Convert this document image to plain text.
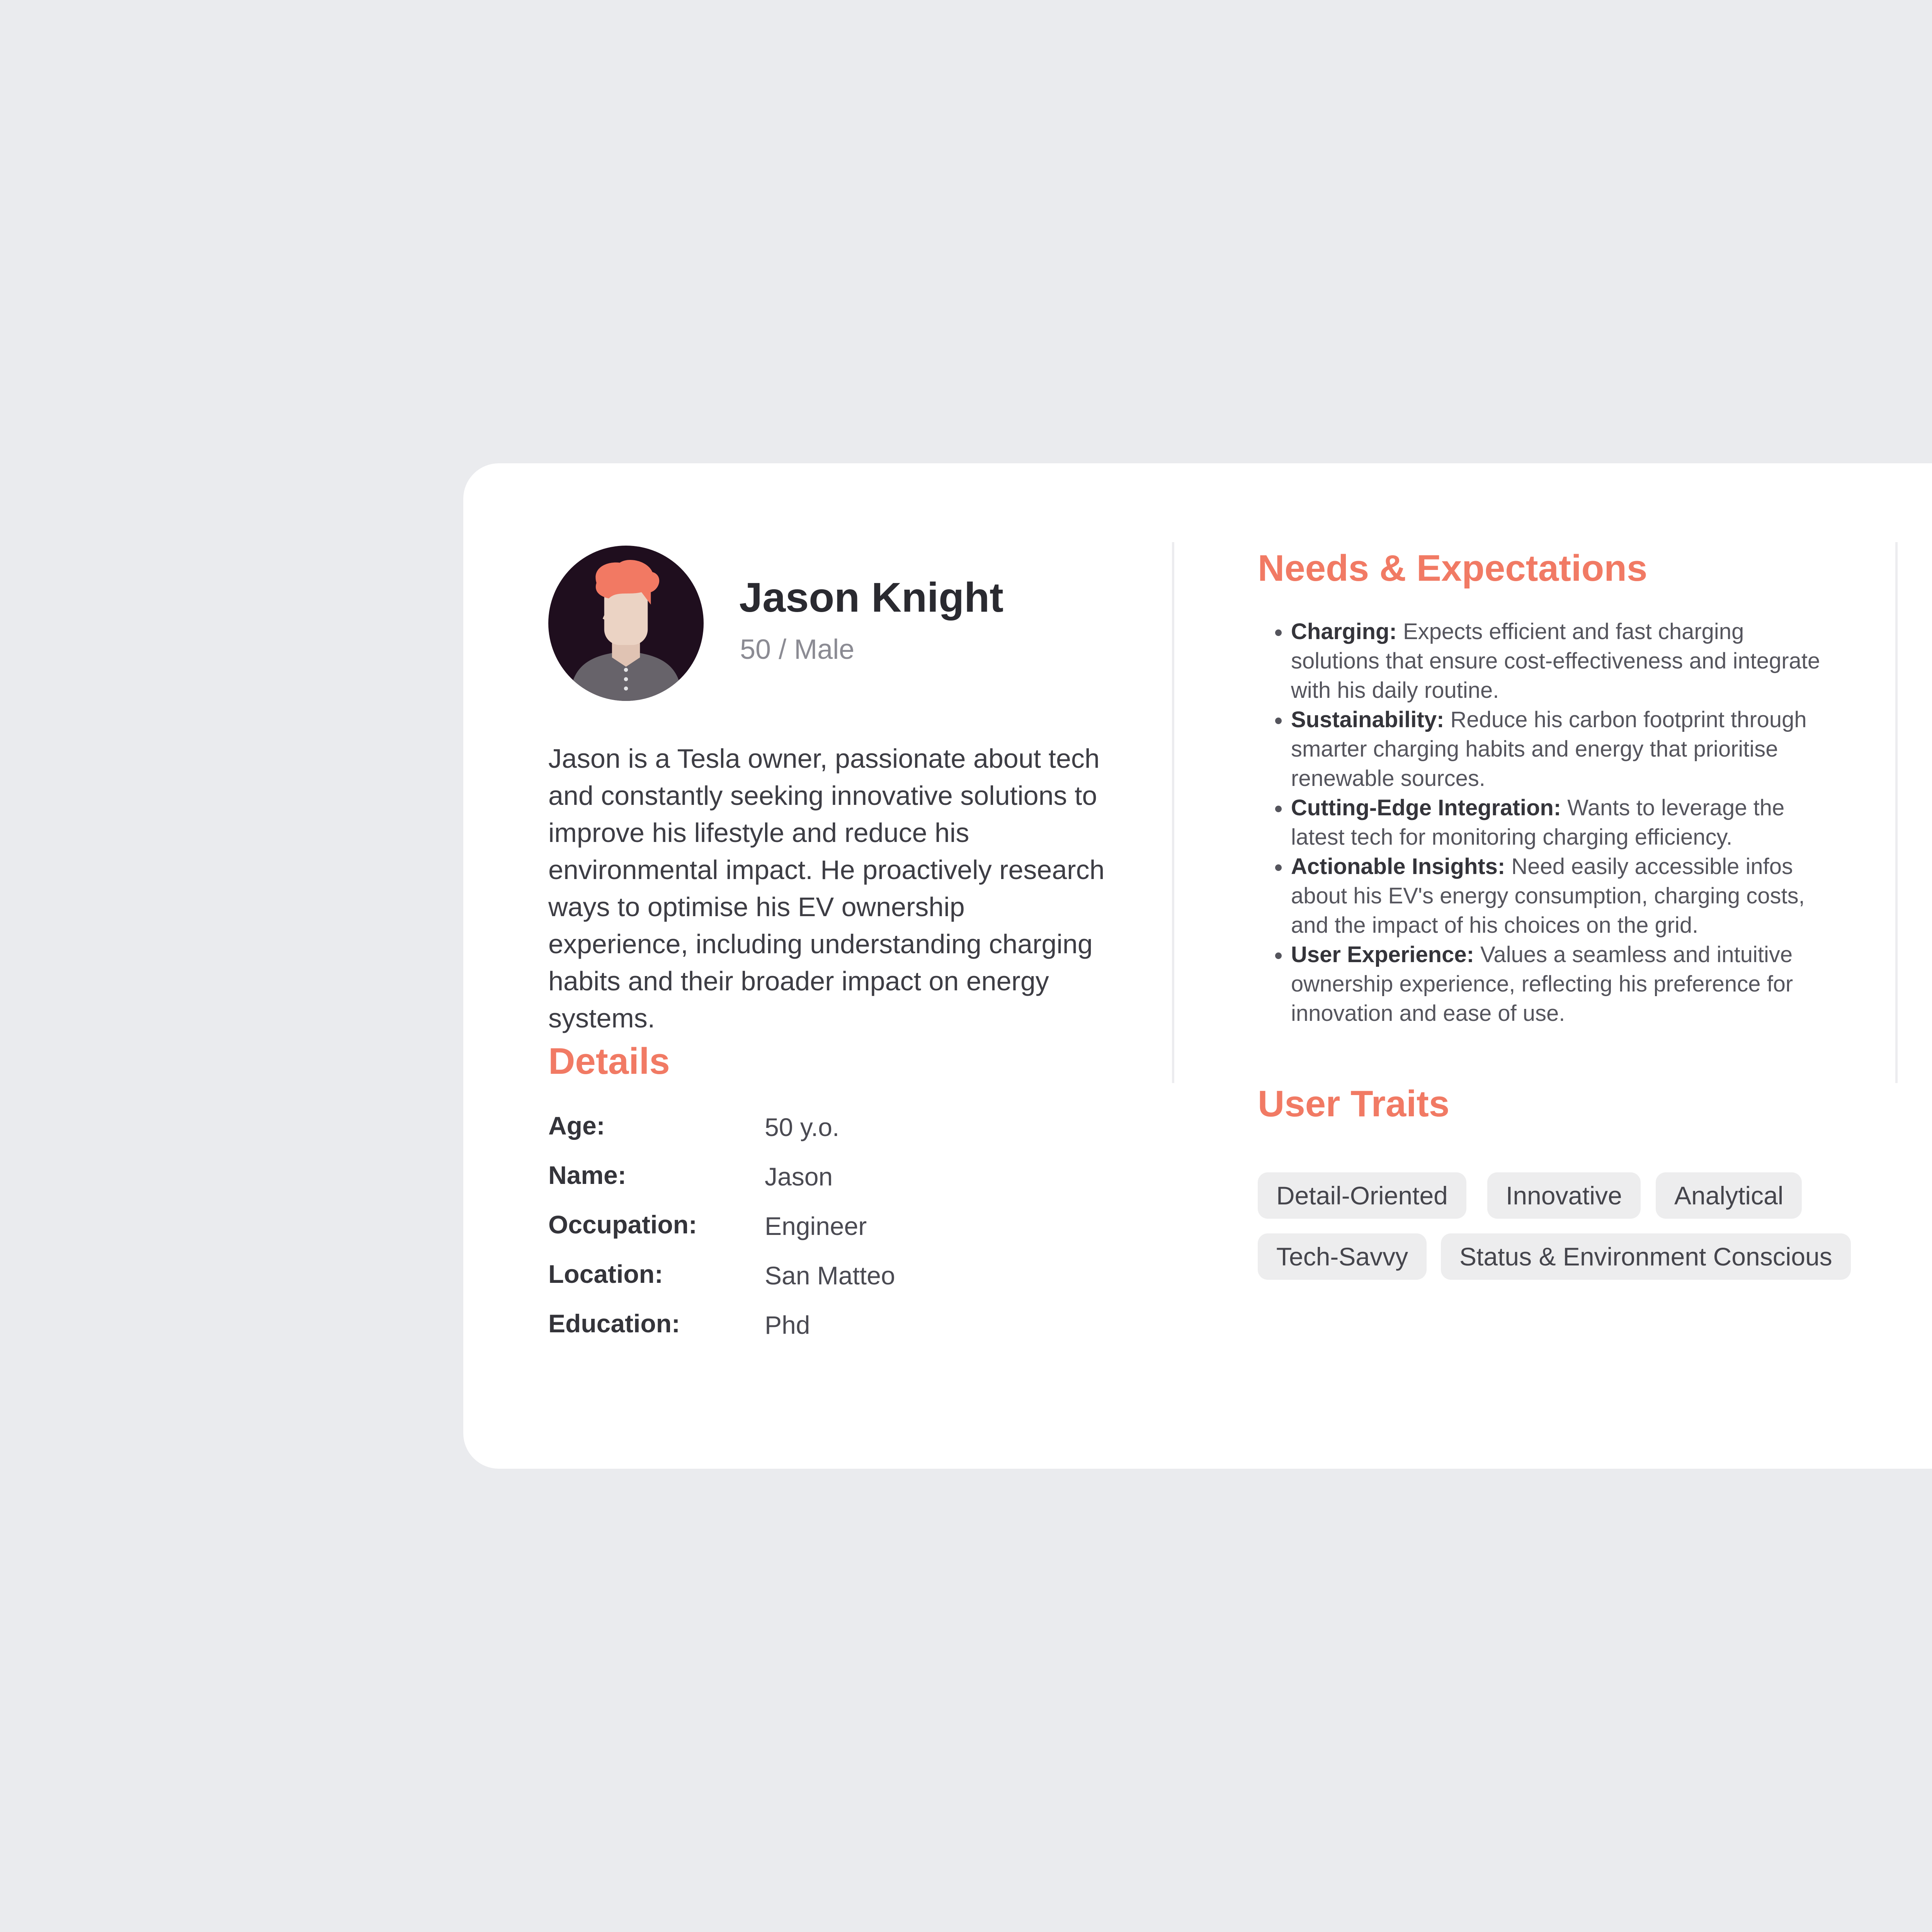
Jason Knight
50 / Male

Jason is a Tesla owner, passionate about tech and constantly seeking innovative solutions to improve his lifestyle and reduce his environmental impact. He proactively research ways to optimise his EV ownership experience, including understanding charging habits and their broader impact on energy systems.

Details
Age:	50 y.o.
Name:	Jason
Occupation:	Engineer
Location:	San Matteo
Education:	Phd
Needs & Expectations
• Charging: Expects efficient and fast charging solutions that ensure cost-effectiveness and integrate with his daily routine.
• Sustainability: Reduce his carbon footprint through smarter charging habits and energy that prioritise renewable sources.
• Cutting-Edge Integration: Wants to leverage the latest tech for monitoring charging efficiency.
• Actionable Insights: Need easily accessible infos about his EV's energy consumption, charging costs, and the impact of his choices on the grid.
• User Experience: Values a seamless and intuitive ownership experience, reflecting his preference for innovation and ease of use.
User Traits
Detail-Oriented	Innovative	Analytical
Tech-Savvy	Status & Environment Conscious
